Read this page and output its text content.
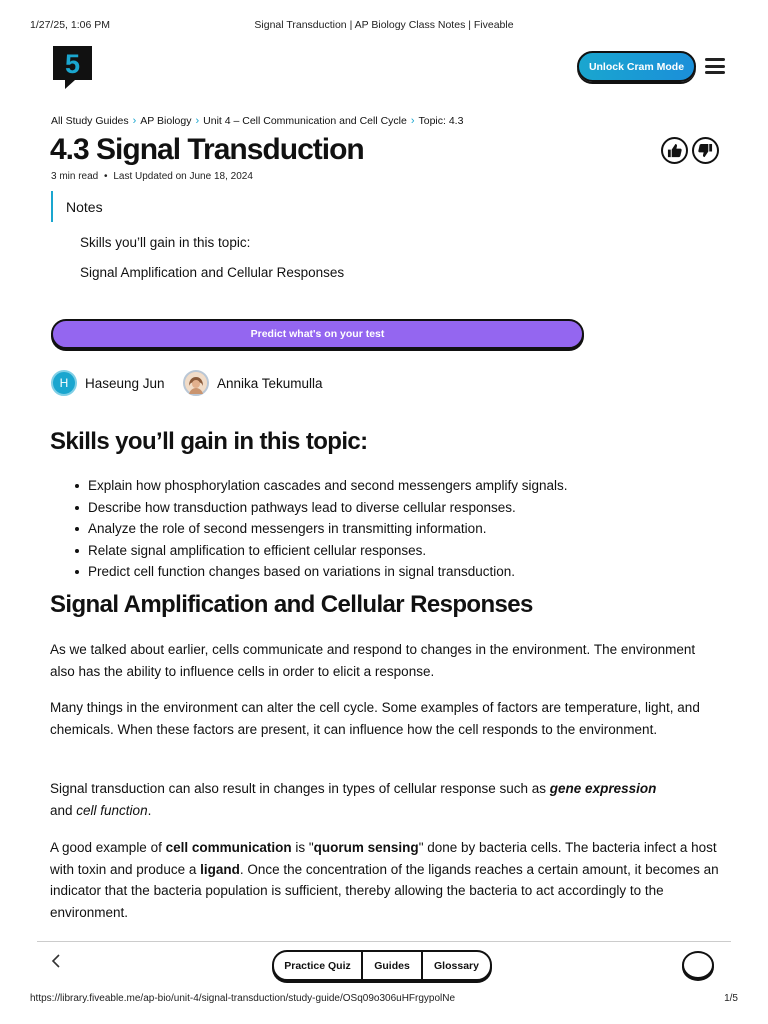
1/27/25, 1:06 PM	Signal Transduction | AP Biology Class Notes | Fiveable
5	Unlock Cram Mode
All Study Guides › AP Biology › Unit 4 – Cell Communication and Cell Cycle › Topic: 4.3
4.3 Signal Transduction
3 min read • Last Updated on June 18, 2024
Notes
Skills you’ll gain in this topic:
Signal Amplification and Cellular Responses
Predict what's on your test
H	Haseung Jun	Annika Tekumulla
Skills you’ll gain in this topic:
Explain how phosphorylation cascades and second messengers amplify signals.
Describe how transduction pathways lead to diverse cellular responses.
Analyze the role of second messengers in transmitting information.
Relate signal amplification to efficient cellular responses.
Predict cell function changes based on variations in signal transduction.
Signal Amplification and Cellular Responses

As we talked about earlier, cells communicate and respond to changes in the environment. The environment also has the ability to influence cells in order to elicit a response.

Many things in the environment can alter the cell cycle. Some examples of factors are temperature, light, and chemicals. When these factors are present, it can influence how the cell responds to the environment.

Signal transduction can also result in changes in types of cellular response such as gene expression
and cell function.

A good example of cell communication is "quorum sensing" done by bacteria cells. The bacteria infect a host with toxin and produce a ligand. Once the concentration of the ligands reaches a certain amount, it becomes an indicator that the bacteria population is sufficient, thereby allowing the bacteria to act accordingly to the environment.

Practice Quiz	Guides	Glossary
https://library.fiveable.me/ap-bio/unit-4/signal-transduction/study-guide/OSq09o306uHFrgypolNe	1/5
